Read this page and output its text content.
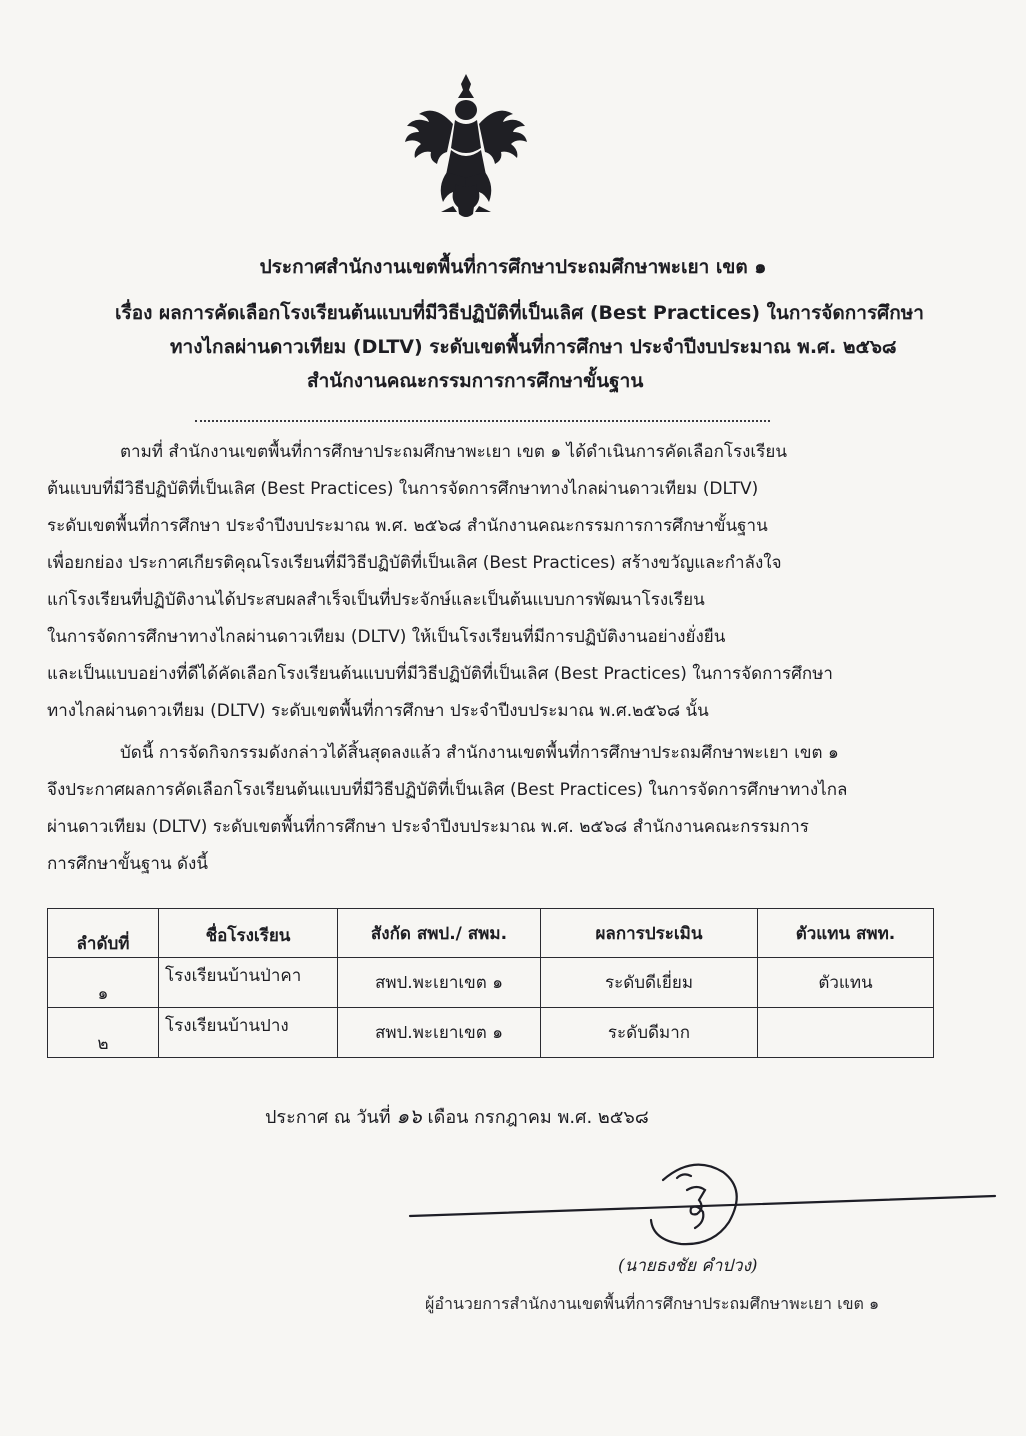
ประกาศสำนักงานเขตพื้นที่การศึกษาประถมศึกษาพะเยา เขต ๑
เรื่อง ผลการคัดเลือกโรงเรียนต้นแบบที่มีวิธีปฏิบัติที่เป็นเลิศ (Best Practices) ในการจัดการศึกษา
ทางไกลผ่านดาวเทียม (DLTV) ระดับเขตพื้นที่การศึกษา ประจำปีงบประมาณ พ.ศ. ๒๕๖๘
สำนักงานคณะกรรมการการศึกษาขั้นฐาน
ตามที่ สำนักงานเขตพื้นที่การศึกษาประถมศึกษาพะเยา เขต ๑ ได้ดำเนินการคัดเลือกโรงเรียน
ต้นแบบที่มีวิธีปฏิบัติที่เป็นเลิศ (Best Practices) ในการจัดการศึกษาทางไกลผ่านดาวเทียม (DLTV)
ระดับเขตพื้นที่การศึกษา ประจำปีงบประมาณ พ.ศ. ๒๕๖๘ สำนักงานคณะกรรมการการศึกษาขั้นฐาน
เพื่อยกย่อง ประกาศเกียรติคุณโรงเรียนที่มีวิธีปฏิบัติที่เป็นเลิศ (Best Practices) สร้างขวัญและกำลังใจ
แก่โรงเรียนที่ปฏิบัติงานได้ประสบผลสำเร็จเป็นที่ประจักษ์และเป็นต้นแบบการพัฒนาโรงเรียน
ในการจัดการศึกษาทางไกลผ่านดาวเทียม (DLTV) ให้เป็นโรงเรียนที่มีการปฏิบัติงานอย่างยั่งยืน
และเป็นแบบอย่างที่ดีได้คัดเลือกโรงเรียนต้นแบบที่มีวิธีปฏิบัติที่เป็นเลิศ (Best Practices) ในการจัดการศึกษา
ทางไกลผ่านดาวเทียม (DLTV) ระดับเขตพื้นที่การศึกษา ประจำปีงบประมาณ พ.ศ.๒๕๖๘ นั้น
บัดนี้ การจัดกิจกรรมดังกล่าวได้สิ้นสุดลงแล้ว สำนักงานเขตพื้นที่การศึกษาประถมศึกษาพะเยา เขต ๑
จึงประกาศผลการคัดเลือกโรงเรียนต้นแบบที่มีวิธีปฏิบัติที่เป็นเลิศ (Best Practices) ในการจัดการศึกษาทางไกล
ผ่านดาวเทียม (DLTV) ระดับเขตพื้นที่การศึกษา ประจำปีงบประมาณ พ.ศ. ๒๕๖๘ สำนักงานคณะกรรมการ
การศึกษาขั้นฐาน ดังนี้
ลำดับที่	ชื่อโรงเรียน	สังกัด สพป./ สพม.	ผลการประเมิน	ตัวแทน สพท.
๑	โรงเรียนบ้านป่าคา	สพป.พะเยาเขต ๑	ระดับดีเยี่ยม	ตัวแทน
๒	โรงเรียนบ้านปาง	สพป.พะเยาเขต ๑	ระดับดีมาก	
ประกาศ ณ วันที่ ๑๖ เดือน กรกฎาคม พ.ศ. ๒๕๖๘
(นายธงชัย คำปวง)
ผู้อำนวยการสำนักงานเขตพื้นที่การศึกษาประถมศึกษาพะเยา เขต ๑
